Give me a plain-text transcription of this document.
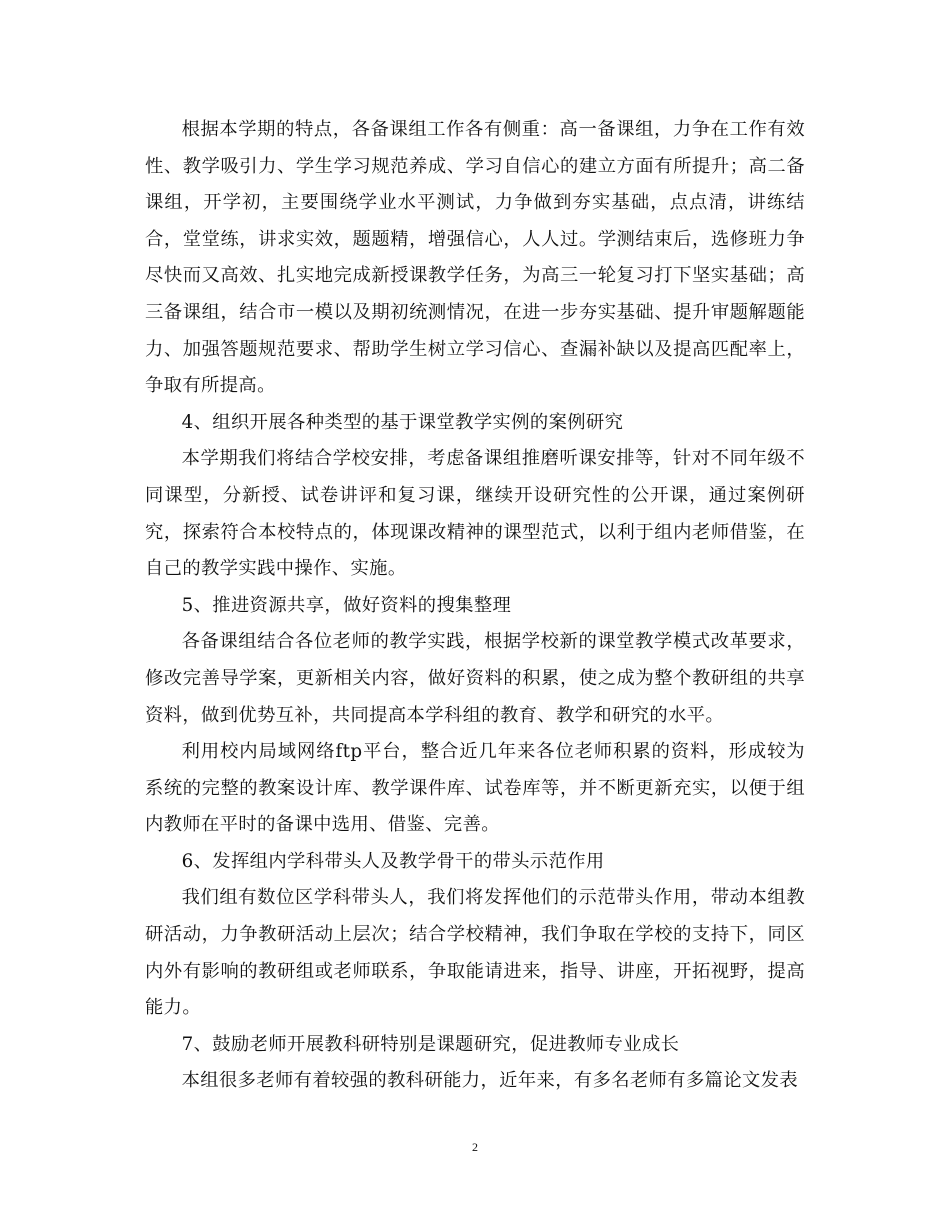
根据本学期的特点，各备课组工作各有侧重：高一备课组，力争在工作有效性、教学吸引力、学生学习规范养成、学习自信心的建立方面有所提升；高二备课组，开学初，主要围绕学业水平测试，力争做到夯实基础，点点清，讲练结合，堂堂练，讲求实效，题题精，增强信心，人人过。学测结束后，选修班力争尽快而又高效、扎实地完成新授课教学任务，为高三一轮复习打下坚实基础；高三备课组，结合市一模以及期初统测情况，在进一步夯实基础、提升审题解题能力、加强答题规范要求、帮助学生树立学习信心、查漏补缺以及提高匹配率上，争取有所提高。

4、组织开展各种类型的基于课堂教学实例的案例研究

本学期我们将结合学校安排，考虑备课组推磨听课安排等，针对不同年级不同课型，分新授、试卷讲评和复习课，继续开设研究性的公开课，通过案例研究，探索符合本校特点的，体现课改精神的课型范式，以利于组内老师借鉴，在自己的教学实践中操作、实施。

5、推进资源共享，做好资料的搜集整理

各备课组结合各位老师的教学实践，根据学校新的课堂教学模式改革要求，修改完善导学案，更新相关内容，做好资料的积累，使之成为整个教研组的共享资料，做到优势互补，共同提高本学科组的教育、教学和研究的水平。

利用校内局域网络ftp平台，整合近几年来各位老师积累的资料，形成较为系统的完整的教案设计库、教学课件库、试卷库等，并不断更新充实，以便于组内教师在平时的备课中选用、借鉴、完善。

6、发挥组内学科带头人及教学骨干的带头示范作用

我们组有数位区学科带头人，我们将发挥他们的示范带头作用，带动本组教研活动，力争教研活动上层次；结合学校精神，我们争取在学校的支持下，同区内外有影响的教研组或老师联系，争取能请进来，指导、讲座，开拓视野，提高能力。

7、鼓励老师开展教科研特别是课题研究，促进教师专业成长

本组很多老师有着较强的教科研能力，近年来，有多名老师有多篇论文发表

2
